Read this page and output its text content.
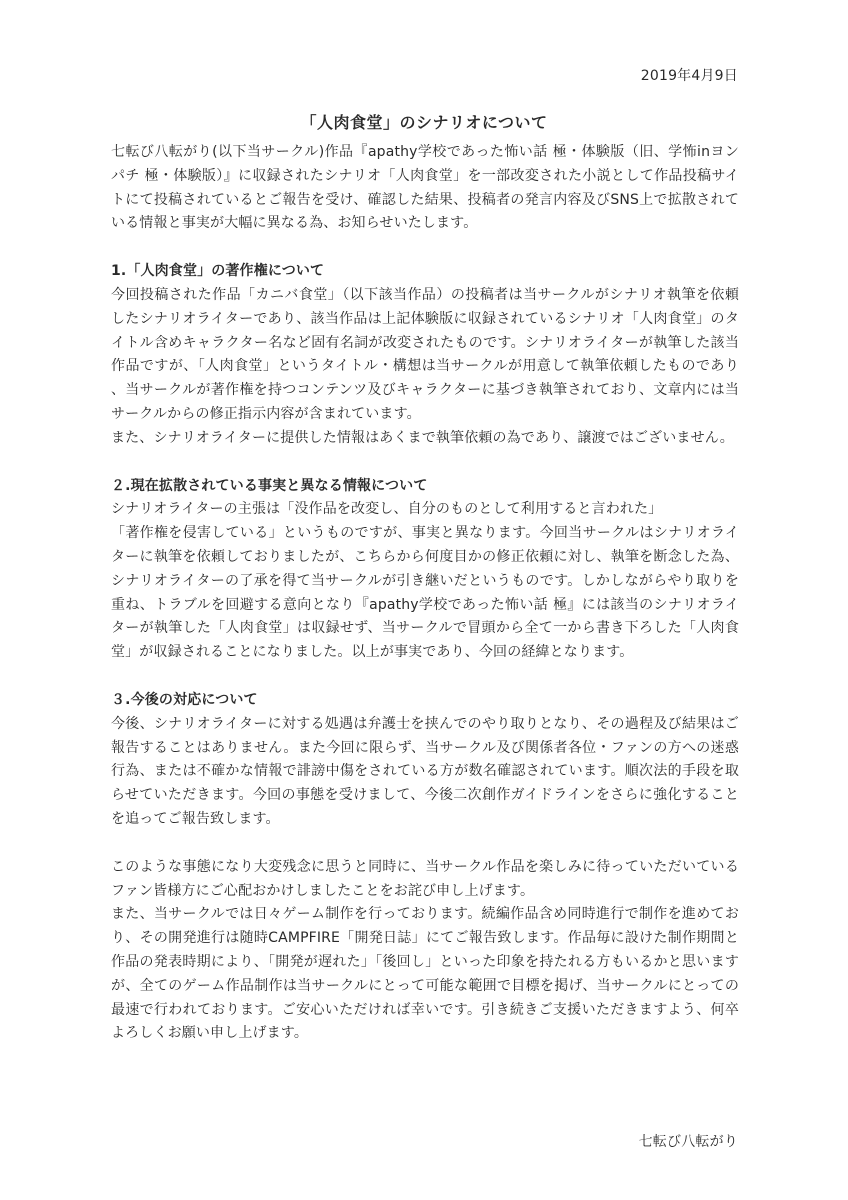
2019年4月9日
「人肉食堂」のシナリオについて

七転び八転がり(以下当サークル)作品『apathy学校であった怖い話 極・体験版（旧、学怖inヨンパチ 極・体験版）』に収録されたシナリオ「人肉食堂」を一部改変された小説として作品投稿サイトにて投稿されているとご報告を受け、確認した結果、投稿者の発言内容及びSNS上で拡散されている情報と事実が大幅に異なる為、お知らせいたします。

1.「人肉食堂」の著作権について

今回投稿された作品「カニバ食堂」（以下該当作品）の投稿者は当サークルがシナリオ執筆を依頼したシナリオライターであり、該当作品は上記体験版に収録されているシナリオ「人肉食堂」のタイトル含めキャラクター名など固有名詞が改変されたものです。シナリオライターが執筆した該当作品ですが、「人肉食堂」というタイトル・構想は当サークルが用意して執筆依頼したものであり、当サークルが著作権を持つコンテンツ及びキャラクターに基づき執筆されており、文章内には当サークルからの修正指示内容が含まれています。

また、シナリオライターに提供した情報はあくまで執筆依頼の為であり、譲渡ではございません。

２.現在拡散されている事実と異なる情報について

シナリオライターの主張は「没作品を改変し、自分のものとして利用すると言われた」

「著作権を侵害している」というものですが、事実と異なります。今回当サークルはシナリオライターに執筆を依頼しておりましたが、こちらから何度目かの修正依頼に対し、執筆を断念した為、シナリオライターの了承を得て当サークルが引き継いだというものです。しかしながらやり取りを重ね、トラブルを回避する意向となり『apathy学校であった怖い話 極』には該当のシナリオライターが執筆した「人肉食堂」は収録せず、当サークルで冒頭から全て一から書き下ろした「人肉食堂」が収録されることになりました。以上が事実であり、今回の経緯となります。

３.今後の対応について

今後、シナリオライターに対する処遇は弁護士を挟んでのやり取りとなり、その過程及び結果はご報告することはありません。また今回に限らず、当サークル及び関係者各位・ファンの方への迷惑行為、または不確かな情報で誹謗中傷をされている方が数名確認されています。順次法的手段を取らせていただきます。今回の事態を受けまして、今後二次創作ガイドラインをさらに強化することを追ってご報告致します。

このような事態になり大変残念に思うと同時に、当サークル作品を楽しみに待っていただいているファン皆様方にご心配おかけしましたことをお詫び申し上げます。

また、当サークルでは日々ゲーム制作を行っております。続編作品含め同時進行で制作を進めており、その開発進行は随時CAMPFIRE「開発日誌」にてご報告致します。作品毎に設けた制作期間と作品の発表時期により、「開発が遅れた」「後回し」といった印象を持たれる方もいるかと思いますが、全てのゲーム作品制作は当サークルにとって可能な範囲で目標を掲げ、当サークルにとっての最速で行われております。ご安心いただければ幸いです。引き続きご支援いただきますよう、何卒よろしくお願い申し上げます。

七転び八転がり
